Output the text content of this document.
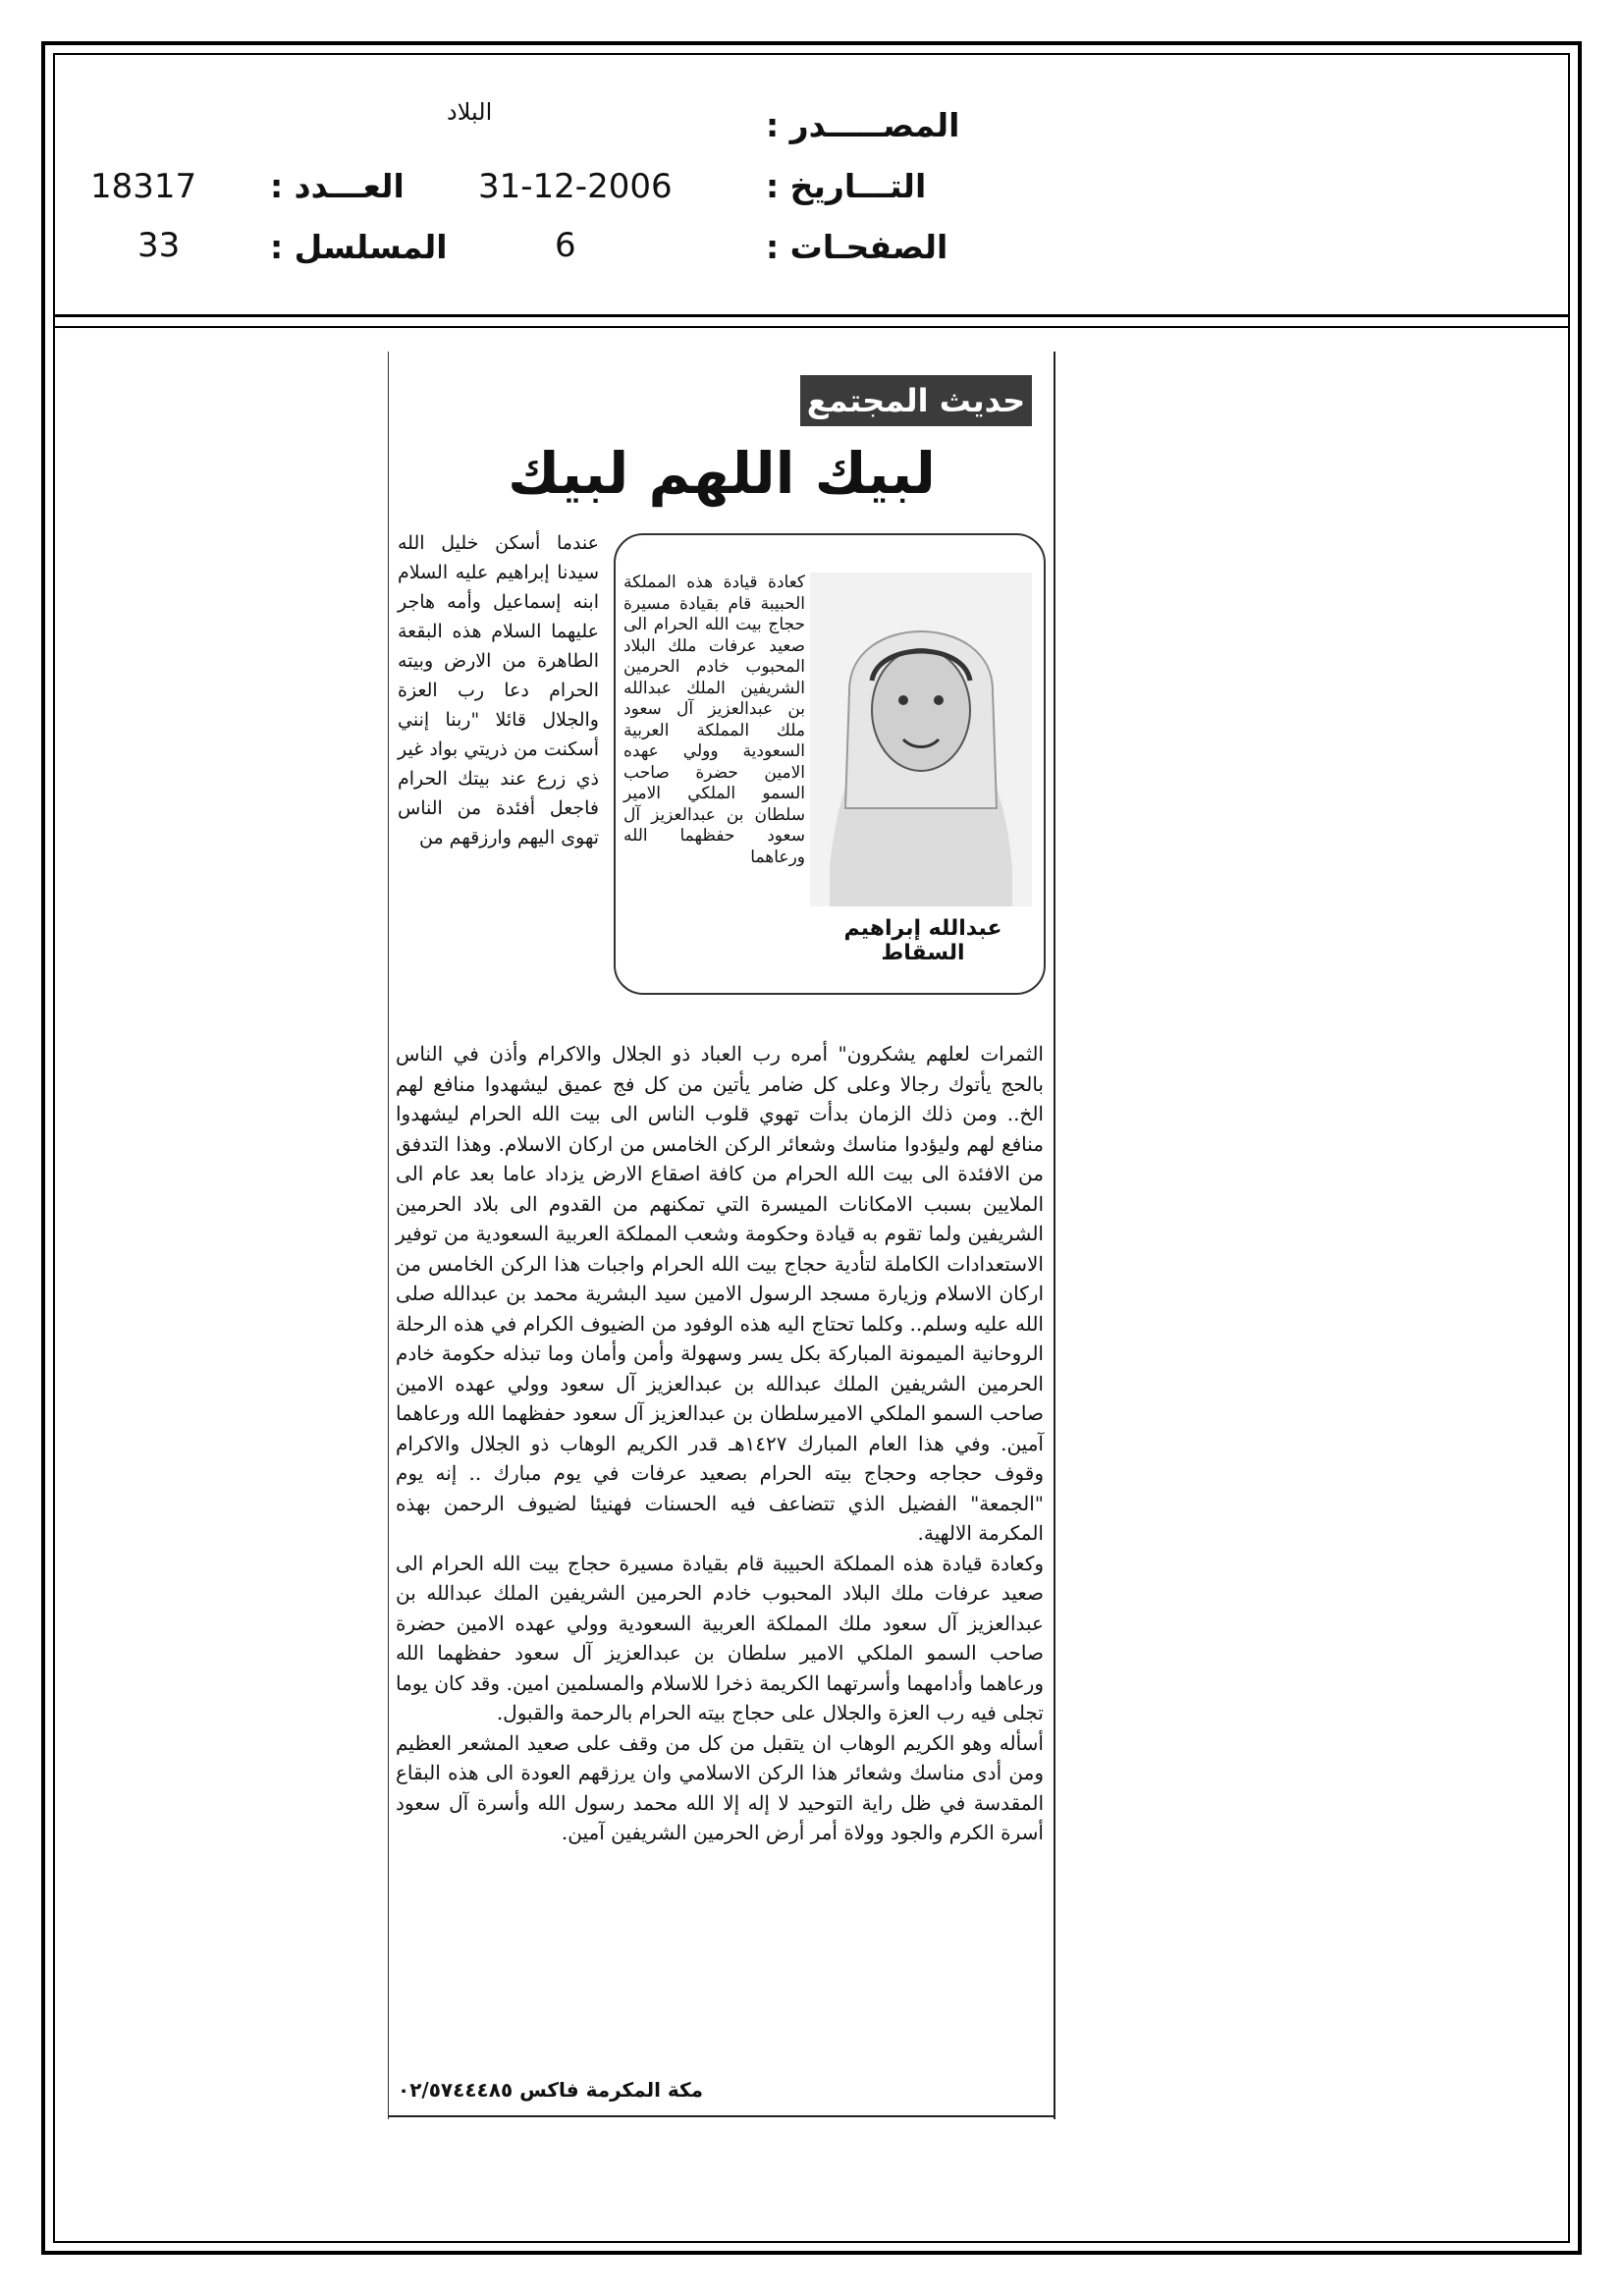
البلاد	المصـــــدر :
18317 العـــدد : 31-12-2006	التـــاريخ :
33	المسلسل :	6	الصفحـات :
حديث المجتمع
لبيك اللهم لبيك
عبدالله إبراهيم السقاط
كعادة قيادة هذه المملكة الحبيبة قام بقيادة مسيرة حجاج بيت الله الحرام الى صعيد عرفات ملك البلاد المحبوب خادم الحرمين الشريفين الملك عبدالله بن عبدالعزيز آل سعود ملك المملكة العربية السعودية وولي عهده الامين حضرة صاحب السمو الملكي الامير سلطان بن عبدالعزيز آل سعود حفظهما الله ورعاهما
عندما أسكن خليل الله سيدنا إبراهيم عليه السلام ابنه إسماعيل وأمه هاجر عليهما السلام هذه البقعة الطاهرة من الارض وبيته الحرام دعا رب العزة والجلال قائلا "ربنا إنني أسكنت من ذريتي بواد غير ذي زرع عند بيتك الحرام فاجعل أفئدة من الناس تهوى اليهم وارزقهم من

الثمرات لعلهم يشكرون" أمره رب العباد ذو الجلال والاكرام وأذن في الناس بالحج يأتوك رجالا وعلى كل ضامر يأتين من كل فج عميق ليشهدوا منافع لهم الخ.. ومن ذلك الزمان بدأت تهوي قلوب الناس الى بيت الله الحرام ليشهدوا منافع لهم وليؤدوا مناسك وشعائر الركن الخامس من اركان الاسلام. وهذا التدفق من الافئدة الى بيت الله الحرام من كافة اصقاع الارض يزداد عاما بعد عام الى الملايين بسبب الامكانات الميسرة التي تمكنهم من القدوم الى بلاد الحرمين الشريفين ولما تقوم به قيادة وحكومة وشعب المملكة العربية السعودية من توفير الاستعدادات الكاملة لتأدية حجاج بيت الله الحرام واجبات هذا الركن الخامس من اركان الاسلام وزيارة مسجد الرسول الامين سيد البشرية محمد بن عبدالله صلى الله عليه وسلم.. وكلما تحتاج اليه هذه الوفود من الضيوف الكرام في هذه الرحلة الروحانية الميمونة المباركة بكل يسر وسهولة وأمن وأمان وما تبذله حكومة خادم الحرمين الشريفين الملك عبدالله بن عبدالعزيز آل سعود وولي عهده الامين صاحب السمو الملكي الاميرسلطان بن عبدالعزيز آل سعود حفظهما الله ورعاهما آمين. وفي هذا العام المبارك ١٤٢٧هـ قدر الكريم الوهاب ذو الجلال والاكرام وقوف حجاجه وحجاج بيته الحرام بصعيد عرفات في يوم مبارك .. إنه يوم "الجمعة" الفضيل الذي تتضاعف فيه الحسنات فهنيئا لضيوف الرحمن بهذه المكرمة الالهية.

وكعادة قيادة هذه المملكة الحبيبة قام بقيادة مسيرة حجاج بيت الله الحرام الى صعيد عرفات ملك البلاد المحبوب خادم الحرمين الشريفين الملك عبدالله بن عبدالعزيز آل سعود ملك المملكة العربية السعودية وولي عهده الامين حضرة صاحب السمو الملكي الامير سلطان بن عبدالعزيز آل سعود حفظهما الله ورعاهما وأدامهما وأسرتهما الكريمة ذخرا للاسلام والمسلمين امين. وقد كان يوما تجلى فيه رب العزة والجلال على حجاج بيته الحرام بالرحمة والقبول.

أسأله وهو الكريم الوهاب ان يتقبل من كل من وقف على صعيد المشعر العظيم ومن أدى مناسك وشعائر هذا الركن الاسلامي وان يرزقهم العودة الى هذه البقاع المقدسة في ظل راية التوحيد لا إله إلا الله محمد رسول الله وأسرة آل سعود أسرة الكرم والجود وولاة أمر أرض الحرمين الشريفين آمين.

مكة المكرمة فاكس ٠٢/٥٧٤٤٤٨٥
